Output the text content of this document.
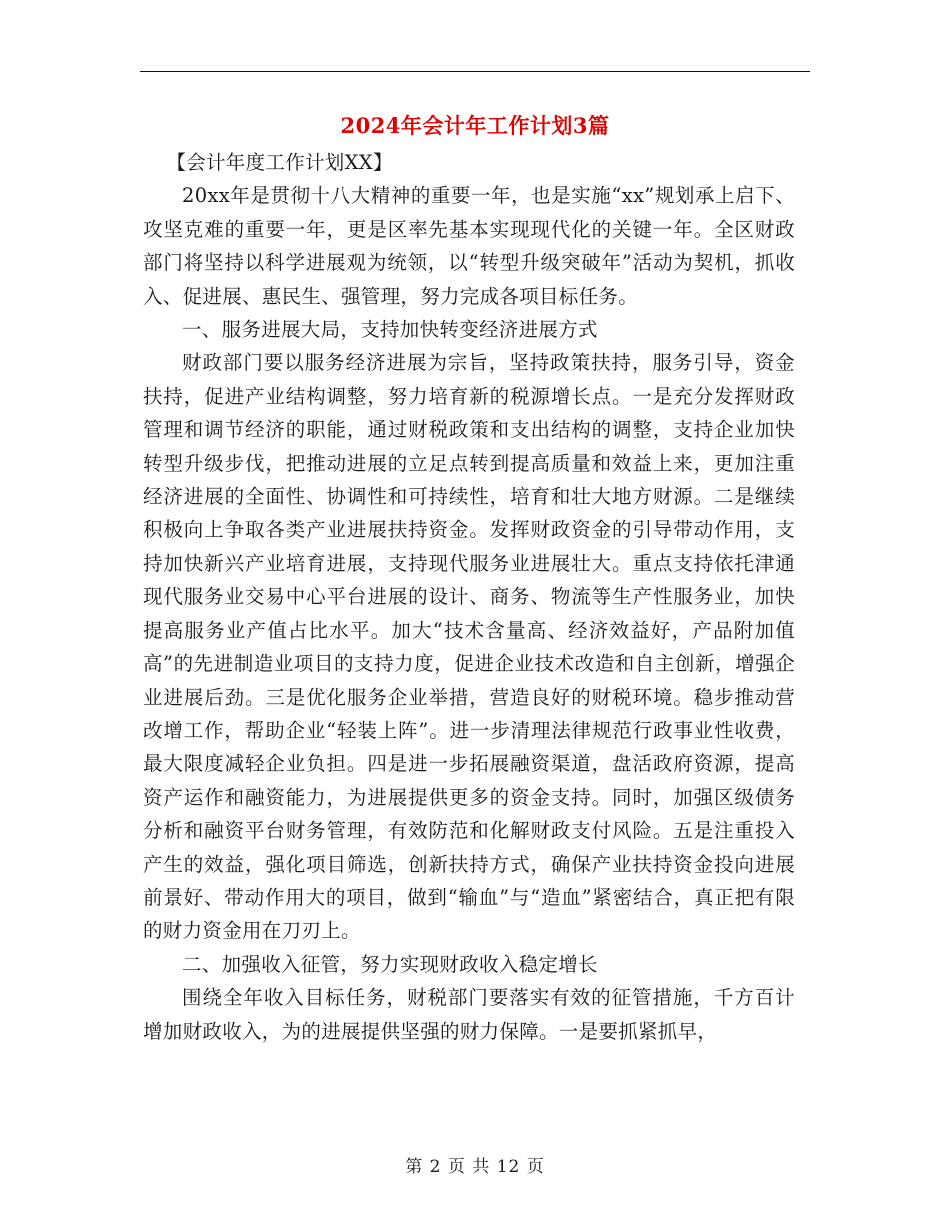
2024年会计年工作计划3篇

【会计年度工作计划XX】

20xx年是贯彻十八大精神的重要一年，也是实施“xx”规划承上启下、攻坚克难的重要一年，更是区率先基本实现现代化的关键一年。全区财政部门将坚持以科学进展观为统领，以“转型升级突破年”活动为契机，抓收入、促进展、惠民生、强管理，努力完成各项目标任务。

一、服务进展大局，支持加快转变经济进展方式

财政部门要以服务经济进展为宗旨，坚持政策扶持，服务引导，资金扶持，促进产业结构调整，努力培育新的税源增长点。一是充分发挥财政管理和调节经济的职能，通过财税政策和支出结构的调整，支持企业加快转型升级步伐，把推动进展的立足点转到提高质量和效益上来，更加注重经济进展的全面性、协调性和可持续性，培育和壮大地方财源。二是继续积极向上争取各类产业进展扶持资金。发挥财政资金的引导带动作用，支持加快新兴产业培育进展，支持现代服务业进展壮大。重点支持依托津通现代服务业交易中心平台进展的设计、商务、物流等生产性服务业，加快提高服务业产值占比水平。加大“技术含量高、经济效益好，产品附加值高”的先进制造业项目的支持力度，促进企业技术改造和自主创新，增强企业进展后劲。三是优化服务企业举措，营造良好的财税环境。稳步推动营改增工作，帮助企业“轻装上阵”。进一步清理法律规范行政事业性收费，最大限度减轻企业负担。四是进一步拓展融资渠道，盘活政府资源，提高资产运作和融资能力，为进展提供更多的资金支持。同时，加强区级债务分析和融资平台财务管理，有效防范和化解财政支付风险。五是注重投入产生的效益，强化项目筛选，创新扶持方式，确保产业扶持资金投向进展前景好、带动作用大的项目，做到“输血”与“造血”紧密结合，真正把有限的财力资金用在刀刃上。

二、加强收入征管，努力实现财政收入稳定增长

围绕全年收入目标任务，财税部门要落实有效的征管措施，千方百计增加财政收入，为的进展提供坚强的财力保障。一是要抓紧抓早，

第 2 页 共 12 页
